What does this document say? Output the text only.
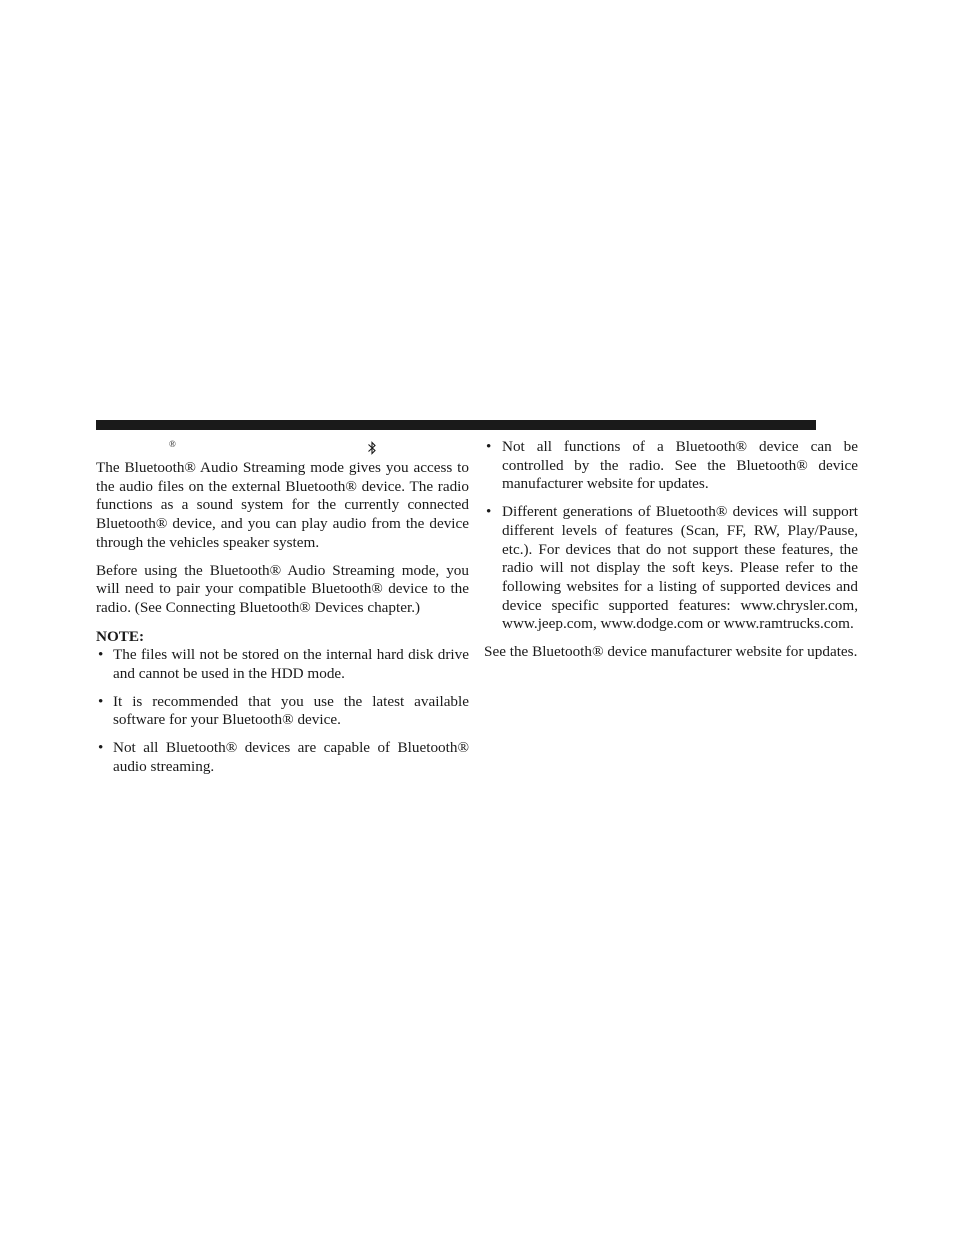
®

The Bluetooth® Audio Streaming mode gives you access to the audio files on the external Bluetooth® device. The radio functions as a sound system for the currently connected Bluetooth® device, and you can play audio from the device through the vehicles speaker system.

Before using the Bluetooth® Audio Streaming mode, you will need to pair your compatible Bluetooth® device to the radio. (See Connecting Bluetooth® Devices chapter.)

NOTE:
• The files will not be stored on the internal hard disk drive and cannot be used in the HDD mode.
• It is recommended that you use the latest available software for your Bluetooth® device.
• Not all Bluetooth® devices are capable of Bluetooth® audio streaming.
• Not all functions of a Bluetooth® device can be controlled by the radio. See the Bluetooth® device manufacturer website for updates.
• Different generations of Bluetooth® devices will support different levels of features (Scan, FF, RW, Play/Pause, etc.). For devices that do not support these features, the radio will not display the soft keys. Please refer to the following websites for a listing of supported devices and device specific supported features: www.chrysler.com, www.jeep.com, www.dodge.com or www.ramtrucks.com.

See the Bluetooth® device manufacturer website for updates.
